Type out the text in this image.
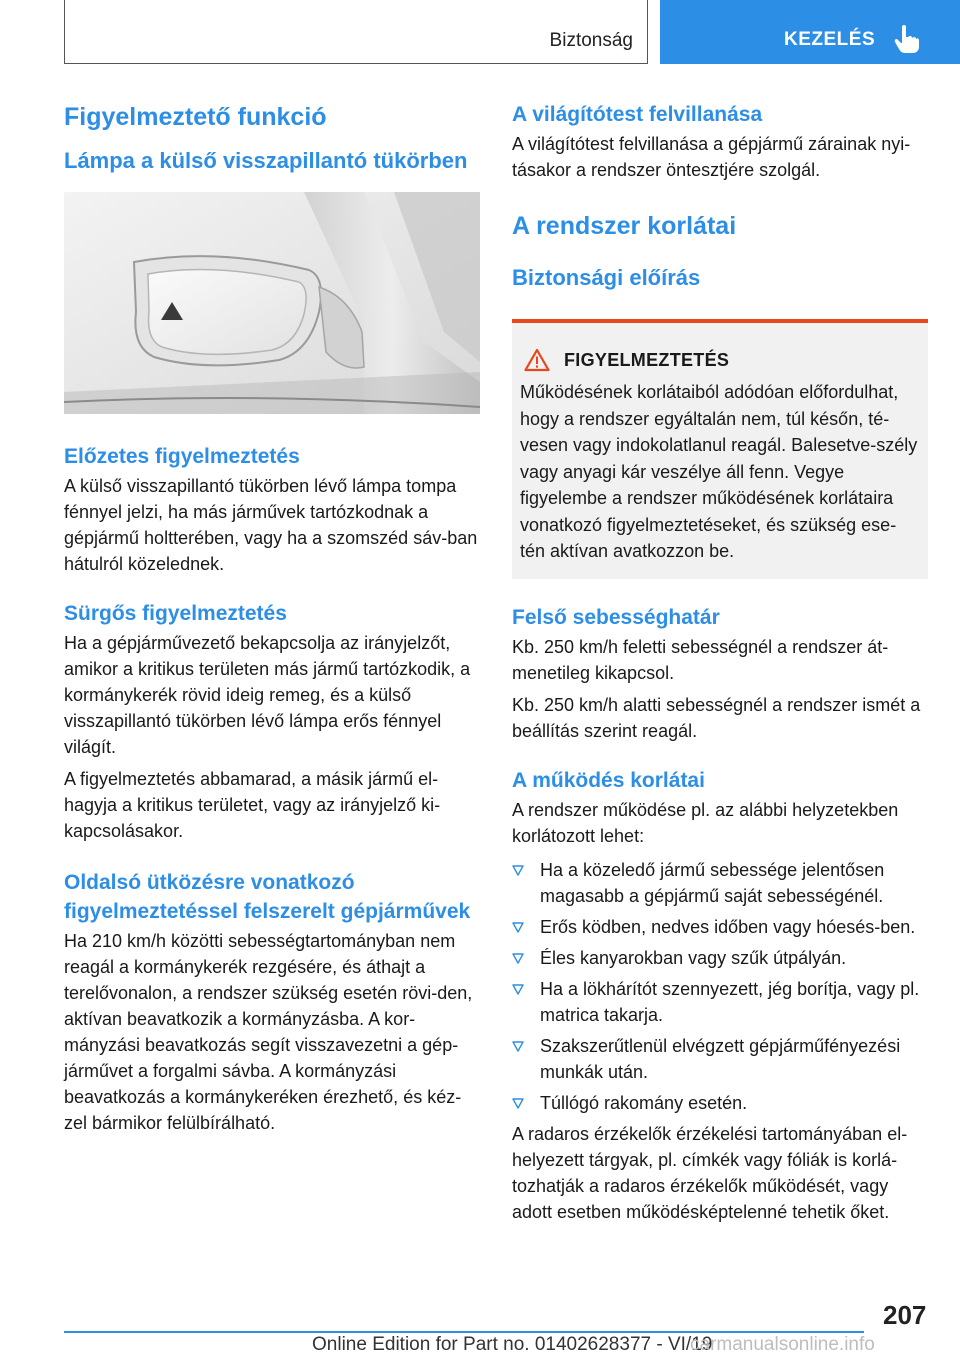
Biztonság	KEZELÉS
Figyelmeztető funkció
Lámpa a külső visszapillantó tükörben
Előzetes figyelmeztetés

A külső visszapillantó tükörben lévő lámpa tompa fénnyel jelzi, ha más járművek tartózkodnak a gépjármű holtterében, vagy ha a szomszéd sáv-ban hátulról közelednek.

Sürgős figyelmeztetés

Ha a gépjárművezető bekapcsolja az irányjelzőt, amikor a kritikus területen más jármű tartózkodik, a kormánykerék rövid ideig remeg, és a külső visszapillantó tükörben lévő lámpa erős fénnyel világít.

A figyelmeztetés abbamarad, a másik jármű el-hagyja a kritikus területet, vagy az irányjelző ki-kapcsolásakor.

Oldalsó ütközésre vonatkozó figyelmeztetéssel felszerelt gépjárművek

Ha 210 km/h közötti sebességtartományban nem reagál a kormánykerék rezgésére, és áthajt a terelővonalon, a rendszer szükség esetén rövi-den, aktívan beavatkozik a kormányzásba. A kor-mányzási beavatkozás segít visszavezetni a gép-járművet a forgalmi sávba. A kormányzási beavatkozás a kormánykeréken érezhető, és kéz-zel bármikor felülbírálható.

A világítótest felvillanása

A világítótest felvillanása a gépjármű zárainak nyi-tásakor a rendszer öntesztjére szolgál.

A rendszer korlátai
Biztonsági előírás
FIGYELMEZTETÉS

Működésének korlátaiból adódóan előfordulhat, hogy a rendszer egyáltalán nem, túl későn, té-vesen vagy indokolatlanul reagál. Balesetve-szély vagy anyagi kár veszélye áll fenn. Vegye figyelembe a rendszer működésének korlátaira vonatkozó figyelmeztetéseket, és szükség ese-tén aktívan avatkozzon be.

Felső sebességhatár

Kb. 250 km/h feletti sebességnél a rendszer át-menetileg kikapcsol.

Kb. 250 km/h alatti sebességnél a rendszer ismét a beállítás szerint reagál.

A működés korlátai

A rendszer működése pl. az alábbi helyzetekben korlátozott lehet:

Ha a közeledő jármű sebessége jelentősen magasabb a gépjármű saját sebességénél.
Erős ködben, nedves időben vagy hóesés-ben.
Éles kanyarokban vagy szűk útpályán.
Ha a lökhárítót szennyezett, jég borítja, vagy pl. matrica takarja.
Szakszerűtlenül elvégzett gépjárműfényezési munkák után.
Túllógó rakomány esetén.

A radaros érzékelők érzékelési tartományában el-helyezett tárgyak, pl. címkék vagy fóliák is korlá-tozhatják a radaros érzékelők működését, vagy adott esetben működésképtelenné tehetik őket.

207
Online Edition for Part no. 01402628377 - VI/19
carmanualsonline.info
